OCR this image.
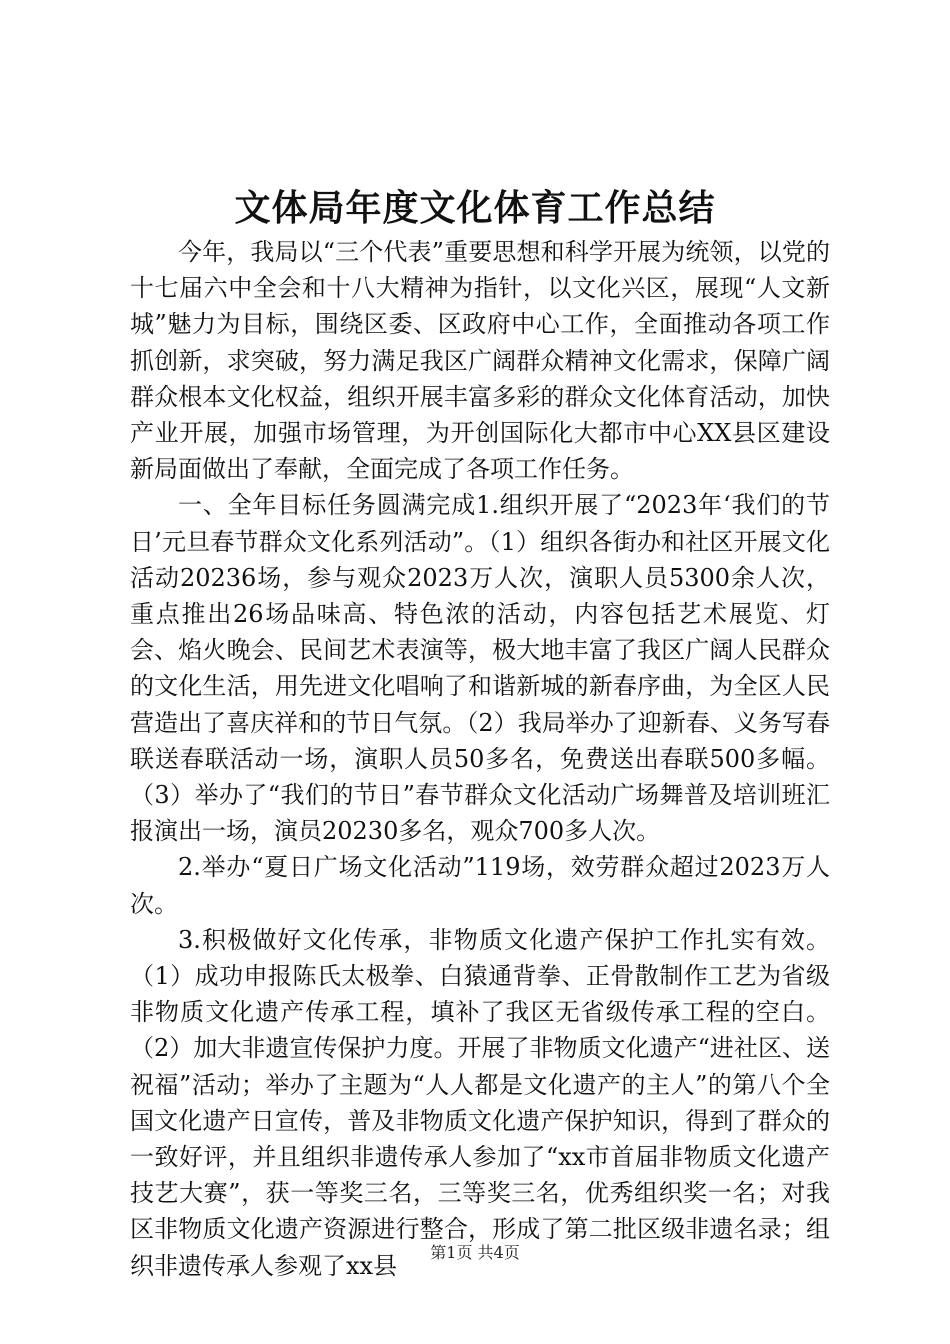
文体局年度文化体育工作总结

今年，我局以“三个代表”重要思想和科学开展为统领，以党的十七届六中全会和十八大精神为指针，以文化兴区，展现“人文新城”魅力为目标，围绕区委、区政府中心工作，全面推动各项工作抓创新，求突破，努力满足我区广阔群众精神文化需求，保障广阔群众根本文化权益，组织开展丰富多彩的群众文化体育活动，加快产业开展，加强市场管理，为开创国际化大都市中心XX县区建设新局面做出了奉献，全面完成了各项工作任务。

一、全年目标任务圆满完成1.组织开展了“2023年‘我们的节日’元旦春节群众文化系列活动”。（1）组织各街办和社区开展文化活动20236场，参与观众2023万人次，演职人员5300余人次，重点推出26场品味高、特色浓的活动，内容包括艺术展览、灯会、焰火晚会、民间艺术表演等，极大地丰富了我区广阔人民群众的文化生活，用先进文化唱响了和谐新城的新春序曲，为全区人民营造出了喜庆祥和的节日气氛。（2）我局举办了迎新春、义务写春联送春联活动一场，演职人员50多名，免费送出春联500多幅。（3）举办了“我们的节日”春节群众文化活动广场舞普及培训班汇报演出一场，演员20230多名，观众700多人次。

2.举办“夏日广场文化活动”119场，效劳群众超过2023万人次。

3.积极做好文化传承，非物质文化遗产保护工作扎实有效。（1）成功申报陈氏太极拳、白猿通背拳、正骨散制作工艺为省级非物质文化遗产传承工程，填补了我区无省级传承工程的空白。（2）加大非遗宣传保护力度。开展了非物质文化遗产“进社区、送祝福”活动；举办了主题为“人人都是文化遗产的主人”的第八个全国文化遗产日宣传，普及非物质文化遗产保护知识，得到了群众的一致好评，并且组织非遗传承人参加了“xx市首届非物质文化遗产技艺大赛”，获一等奖三名，三等奖三名，优秀组织奖一名；对我区非物质文化遗产资源进行整合，形成了第二批区级非遗名录；组织非遗传承人参观了xx县	第1页 共4页
